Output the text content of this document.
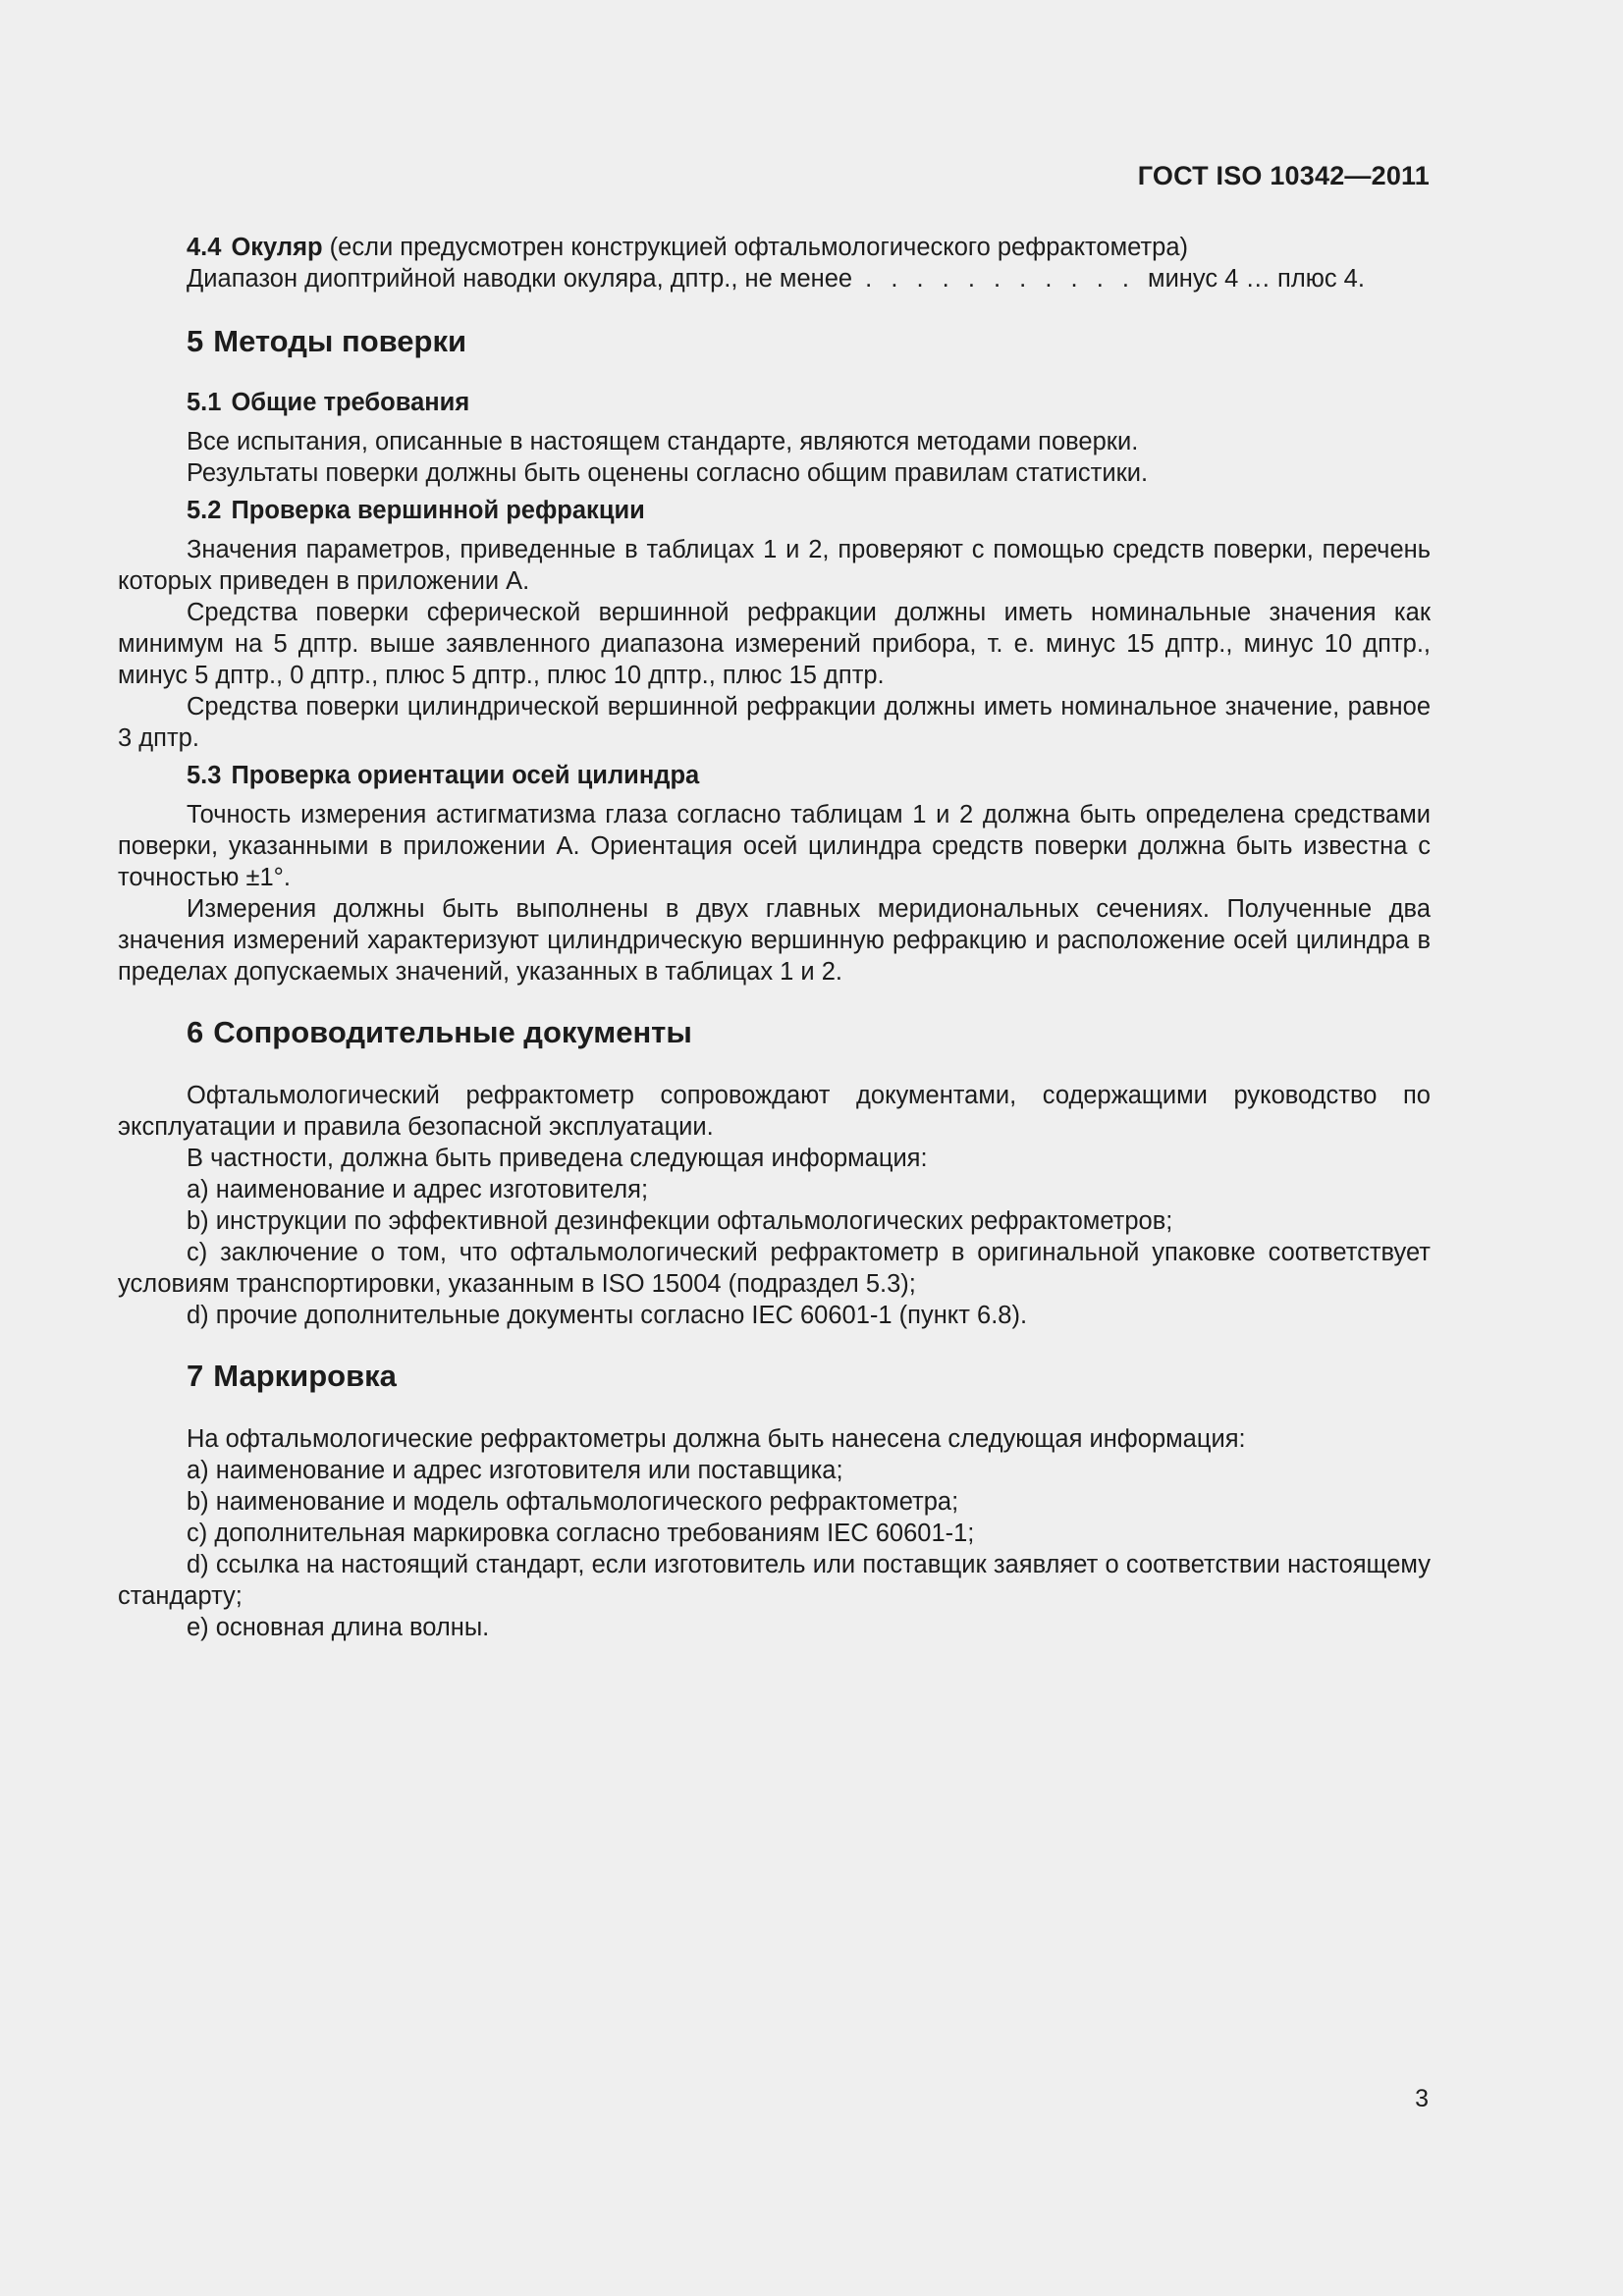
ГОСТ ISO 10342—2011

4.4 Окуляр (если предусмотрен конструкцией офтальмологического рефрактометра)

Диапазон диоптрийной наводки окуляра, дптр., не менее . . . . . . . . . . . минус 4 … плюс 4.

5 Методы поверки
5.1 Общие требования

Все испытания, описанные в настоящем стандарте, являются методами поверки.

Результаты поверки должны быть оценены согласно общим правилам статистики.

5.2 Проверка вершинной рефракции

Значения параметров, приведенные в таблицах 1 и 2, проверяют с помощью средств поверки, перечень которых приведен в приложении А.

Средства поверки сферической вершинной рефракции должны иметь номинальные значения как минимум на 5 дптр. выше заявленного диапазона измерений прибора, т. е. минус 15 дптр., минус 10 дптр., минус 5 дптр., 0 дптр., плюс 5 дптр., плюс 10 дптр., плюс 15 дптр.

Средства поверки цилиндрической вершинной рефракции должны иметь номинальное значение, равное 3 дптр.

5.3 Проверка ориентации осей цилиндра

Точность измерения астигматизма глаза согласно таблицам 1 и 2 должна быть определена средствами поверки, указанными в приложении А. Ориентация осей цилиндра средств поверки должна быть известна с точностью ±1°.

Измерения должны быть выполнены в двух главных меридиональных сечениях. Полученные два значения измерений характеризуют цилиндрическую вершинную рефракцию и расположение осей цилиндра в пределах допускаемых значений, указанных в таблицах 1 и 2.

6 Сопроводительные документы

Офтальмологический рефрактометр сопровождают документами, содержащими руководство по эксплуатации и правила безопасной эксплуатации.

В частности, должна быть приведена следующая информация:

a) наименование и адрес изготовителя;

b) инструкции по эффективной дезинфекции офтальмологических рефрактометров;

c) заключение о том, что офтальмологический рефрактометр в оригинальной упаковке соответствует условиям транспортировки, указанным в ISO 15004 (подраздел 5.3);

d) прочие дополнительные документы согласно IEC 60601-1 (пункт 6.8).

7 Маркировка

На офтальмологические рефрактометры должна быть нанесена следующая информация:

a) наименование и адрес изготовителя или поставщика;

b) наименование и модель офтальмологического рефрактометра;

c) дополнительная маркировка согласно требованиям IEC 60601-1;

d) ссылка на настоящий стандарт, если изготовитель или поставщик заявляет о соответствии настоящему стандарту;

e) основная длина волны.

3
